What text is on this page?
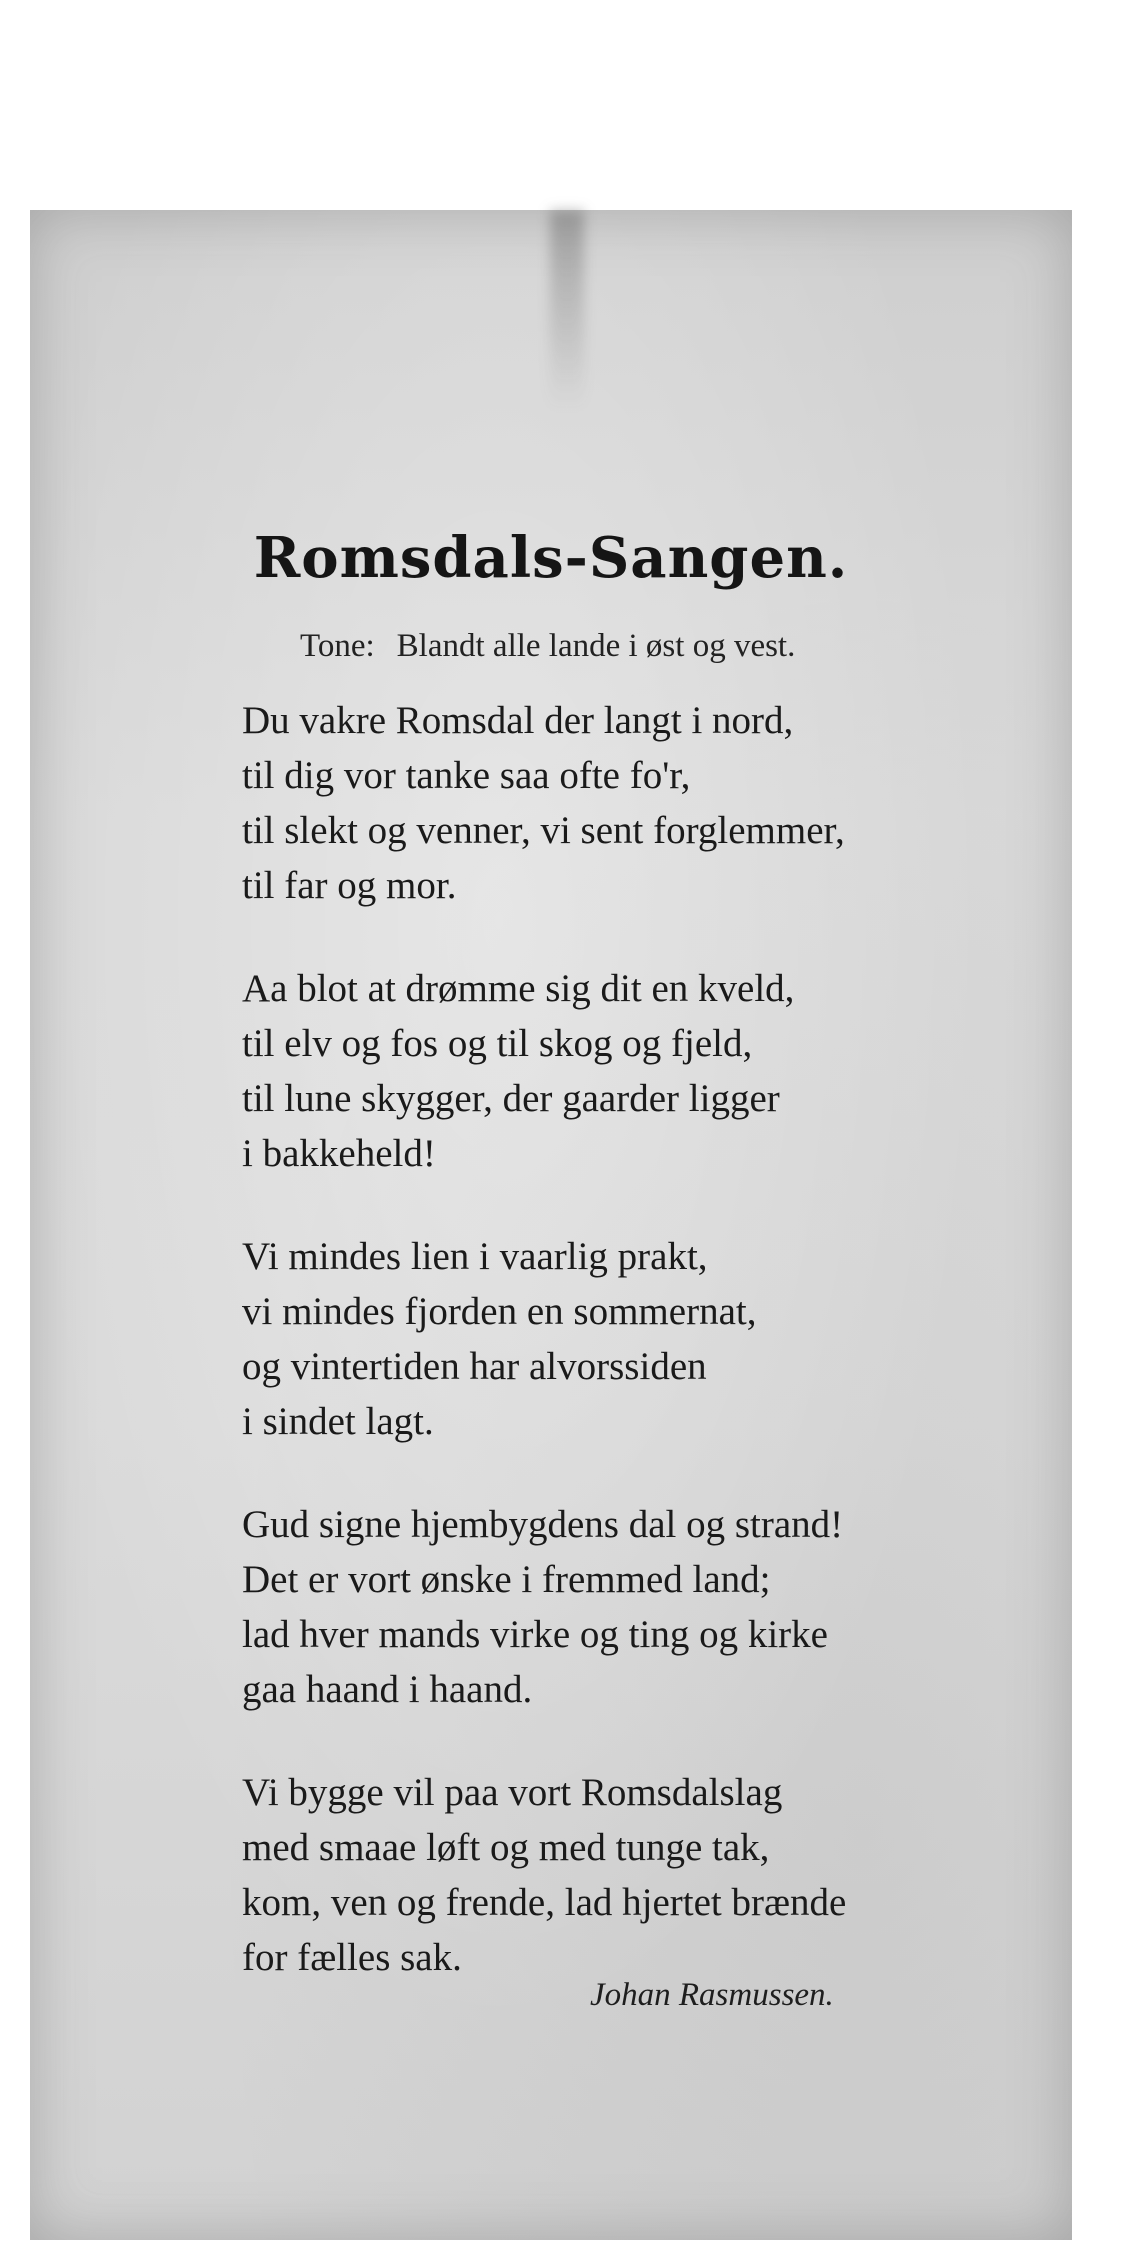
Romsdals-Sangen.
Tone: Blandt alle lande i øst og vest.
Du vakre Romsdal der langt i nord,
til dig vor tanke saa ofte fo'r,
til slekt og venner, vi sent forglemmer,
til far og mor.
Aa blot at drømme sig dit en kveld,
til elv og fos og til skog og fjeld,
til lune skygger, der gaarder ligger
i bakkeheld!
Vi mindes lien i vaarlig prakt,
vi mindes fjorden en sommernat,
og vintertiden har alvorssiden
i sindet lagt.
Gud signe hjembygdens dal og strand!
Det er vort ønske i fremmed land;
lad hver mands virke og ting og kirke
gaa haand i haand.
Vi bygge vil paa vort Romsdalslag
med smaae løft og med tunge tak,
kom, ven og frende, lad hjertet brænde
for fælles sak.
Johan Rasmussen.
